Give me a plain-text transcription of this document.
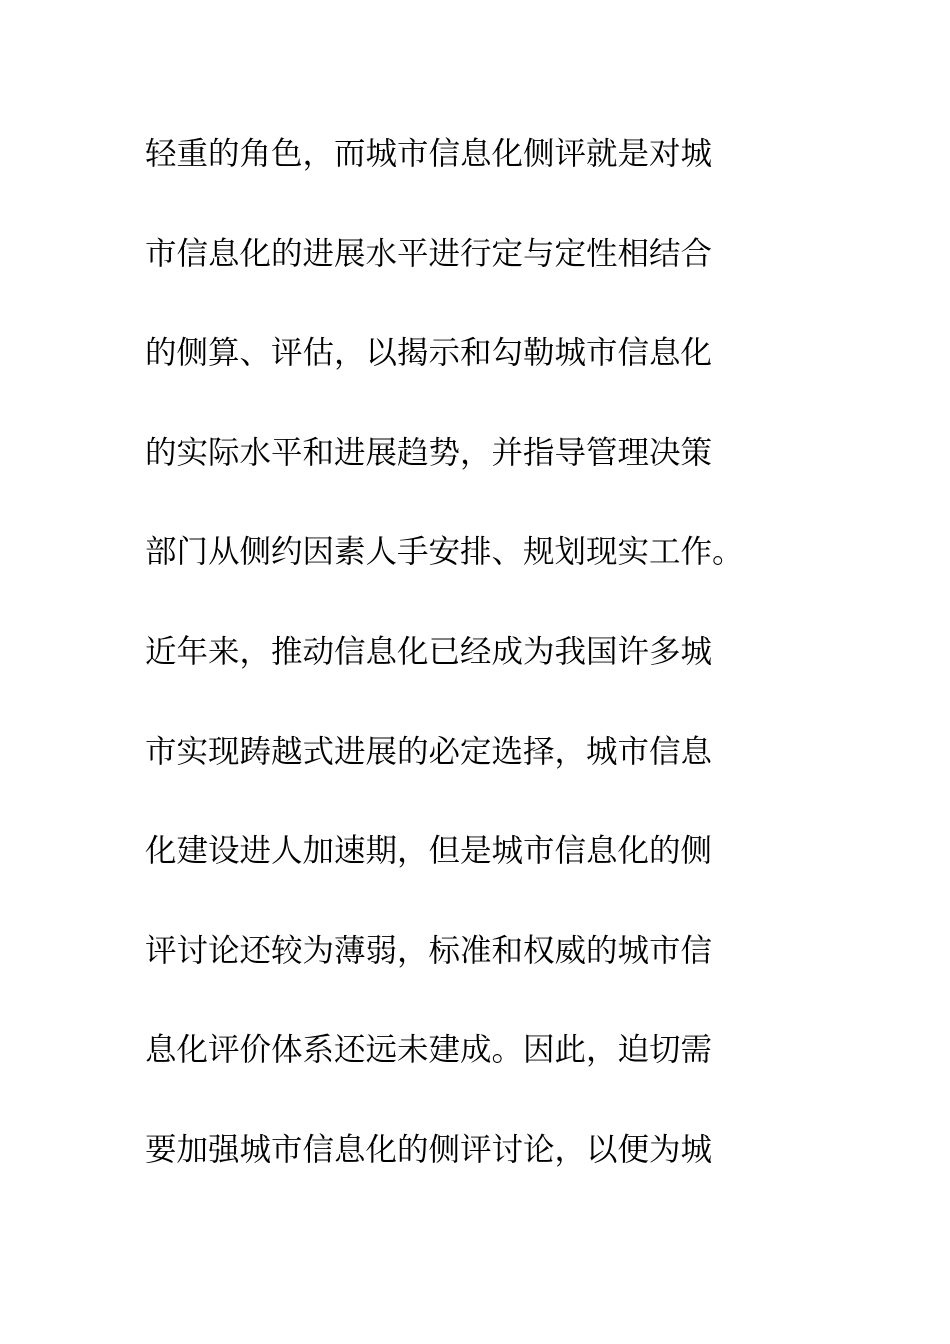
轻重的角色，而城市信息化侧评就是对城
市信息化的进展水平进行定与定性相结合
的侧算、评估，以揭示和勾勒城市信息化
的实际水平和进展趋势，并指导管理决策
部门从侧约因素人手安排、规划现实工作。
近年来，推动信息化已经成为我国许多城
市实现踌越式进展的必定选择，城市信息
化建设进人加速期，但是城市信息化的侧
评讨论还较为薄弱，标准和权威的城市信
息化评价体系还远未建成。因此，迫切需
要加强城市信息化的侧评讨论，以便为城
